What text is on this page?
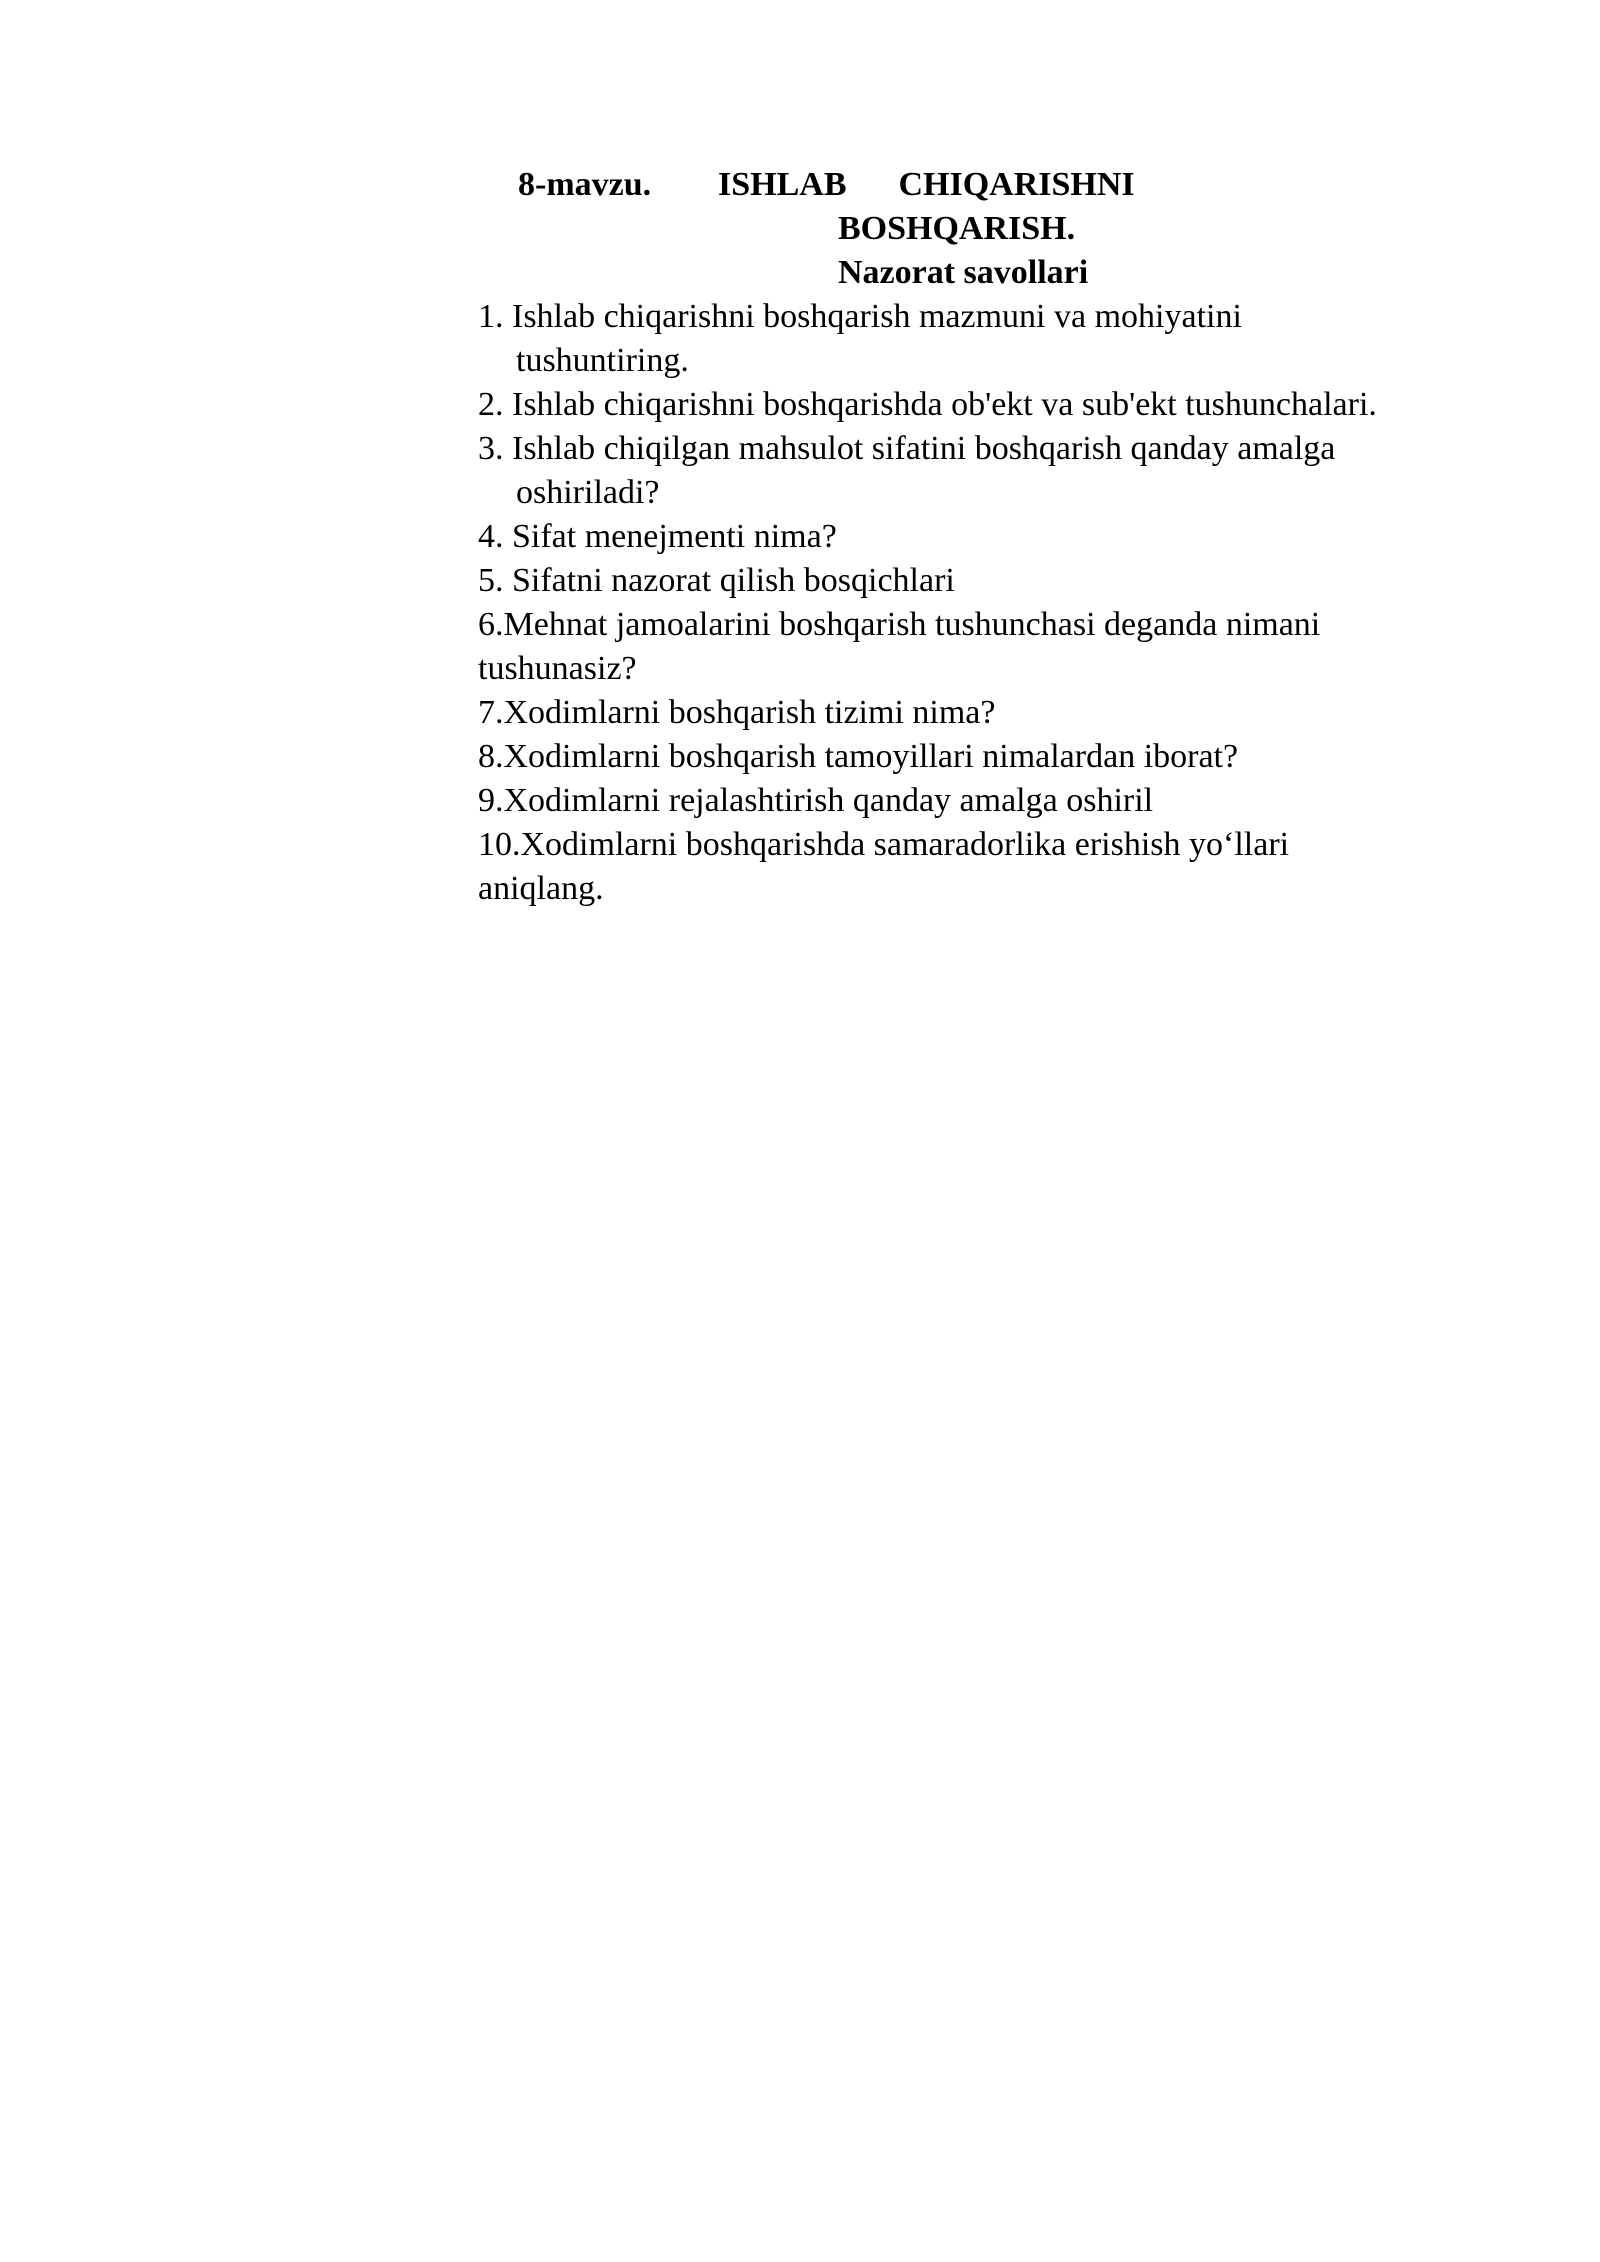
8-mavzu. ISHLAB CHIQARISHNI
BOSHQARISH.
Nazorat savollari
1. Ishlab chiqarishni boshqarish mazmuni va mohiyatini
tushuntiring.
2. Ishlab chiqarishni boshqarishda ob'ekt va sub'ekt tushunchalari.
3. Ishlab chiqilgan mahsulot sifatini boshqarish qanday amalga
oshiriladi?
4. Sifat menejmenti nima?
5. Sifatni nazorat qilish bosqichlari
6.Mehnat jamoalarini boshqarish tushunchasi deganda nimani
tushunasiz?
7.Xodimlarni boshqarish tizimi nima?
8.Xodimlarni boshqarish tamoyillari nimalardan iborat?
9.Xodimlarni rejalashtirish qanday amalga oshiril
10.Xodimlarni boshqarishda samaradorlika erishish yo‘llari
aniqlang.
